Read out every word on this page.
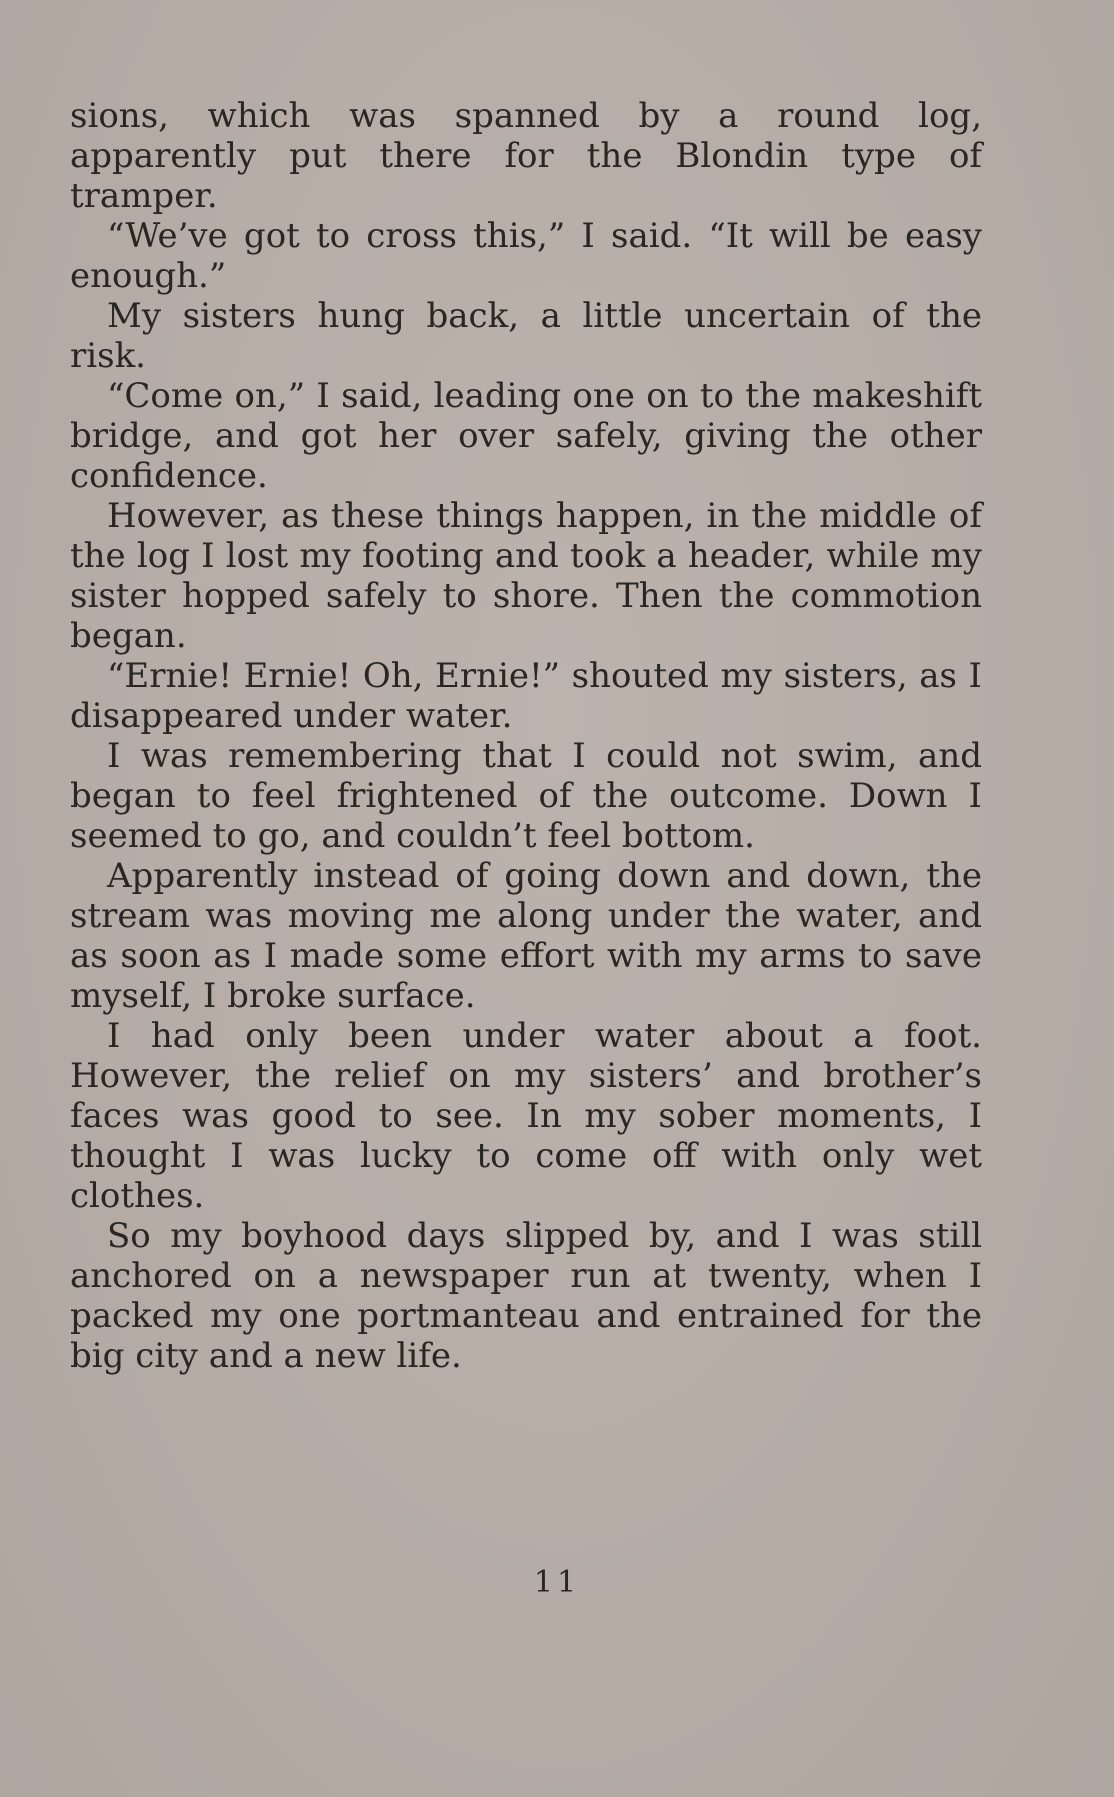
sions, which was spanned by a round log, apparently put there for the Blondin type of tramper.

“We’ve got to cross this,” I said. “It will be easy enough.”

My sisters hung back, a little uncertain of the risk.

“Come on,” I said, leading one on to the makeshift bridge, and got her over safely, giving the other confidence.

However, as these things happen, in the middle of the log I lost my footing and took a header, while my sister hopped safely to shore. Then the commotion began.

“Ernie! Ernie! Oh, Ernie!” shouted my sisters, as I disappeared under water.

I was remembering that I could not swim, and began to feel frightened of the outcome. Down I seemed to go, and couldn’t feel bottom.

Apparently instead of going down and down, the stream was moving me along under the water, and as soon as I made some effort with my arms to save myself, I broke surface.

I had only been under water about a foot. However, the relief on my sisters’ and brother’s faces was good to see. In my sober moments, I thought I was lucky to come off with only wet clothes.

So my boyhood days slipped by, and I was still anchored on a newspaper run at twenty, when I packed my one portmanteau and entrained for the big city and a new life.

11
